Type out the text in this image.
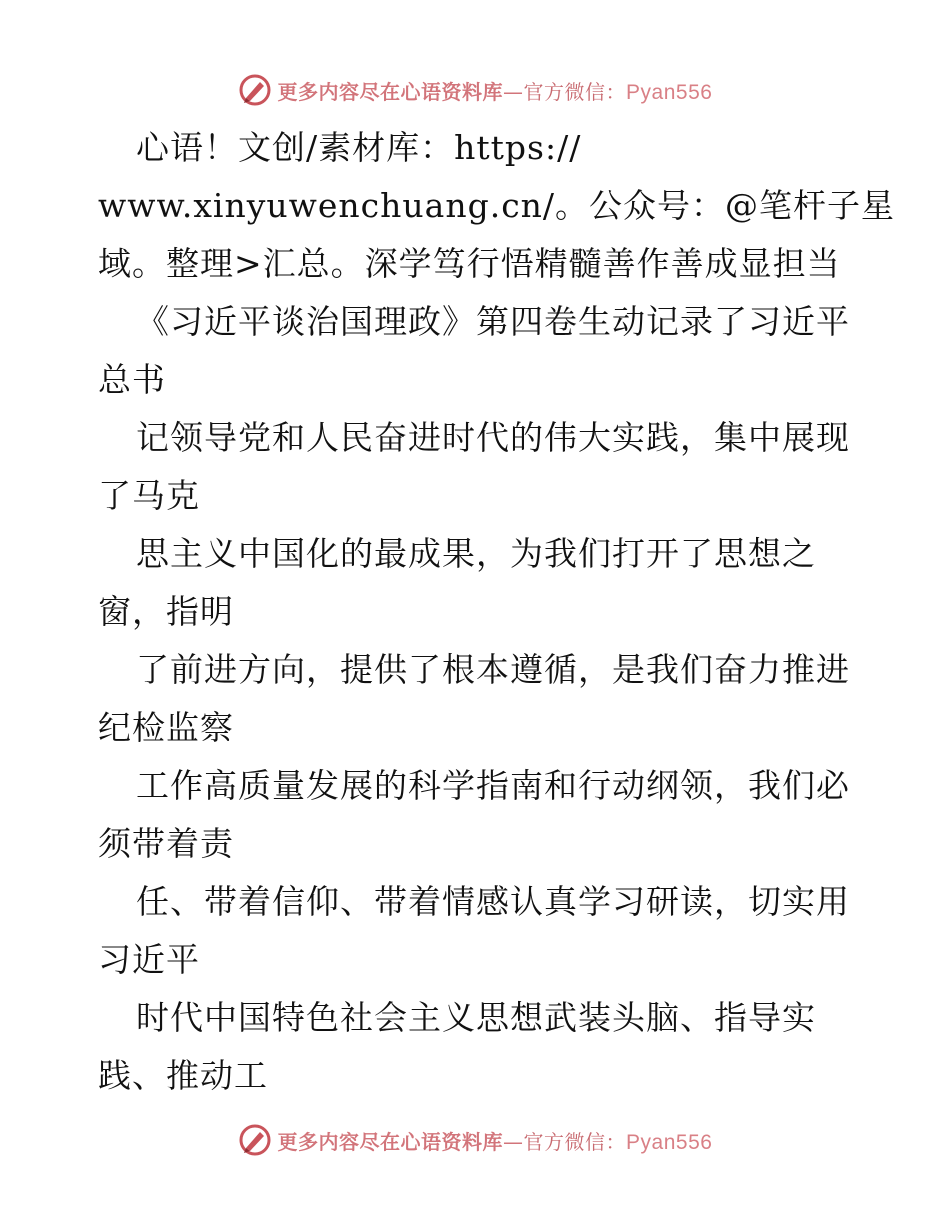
更多内容尽在心语资料库—官方微信：Pyan556
心语！文创/素材库：https://
www.xinyuwenchuang.cn/。公众号：@笔杆子星
域。整理>汇总。深学笃行悟精髓善作善成显担当
《习近平谈治国理政》第四卷生动记录了习近平
总书
记领导党和人民奋进时代的伟大实践，集中展现
了马克
思主义中国化的最成果，为我们打开了思想之
窗，指明
了前进方向，提供了根本遵循，是我们奋力推进
纪检监察
工作高质量发展的科学指南和行动纲领，我们必
须带着责
任、带着信仰、带着情感认真学习研读，切实用
习近平
时代中国特色社会主义思想武装头脑、指导实
践、推动工
更多内容尽在心语资料库—官方微信：Pyan556
